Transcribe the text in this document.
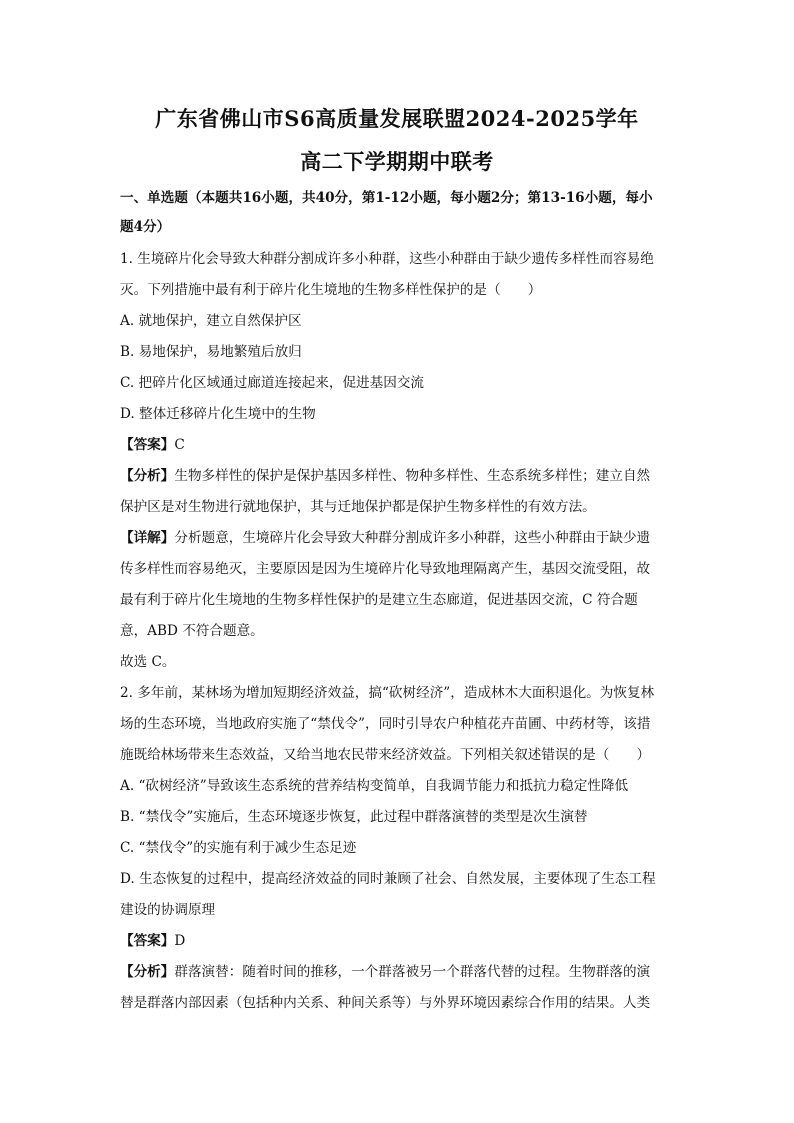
广东省佛山市S6高质量发展联盟2024-2025学年
高二下学期期中联考
一、单选题（本题共16小题，共40分，第1-12小题，每小题2分；第13-16小题，每小
题4分）
1. 生境碎片化会导致大种群分割成许多小种群，这些小种群由于缺少遗传多样性而容易绝
灭。下列措施中最有利于碎片化生境地的生物多样性保护的是（　　）
A. 就地保护，建立自然保护区
B. 易地保护，易地繁殖后放归
C. 把碎片化区域通过廊道连接起来，促进基因交流
D. 整体迁移碎片化生境中的生物
【答案】C
【分析】生物多样性的保护是保护基因多样性、物种多样性、生态系统多样性；建立自然
保护区是对生物进行就地保护，其与迁地保护都是保护生物多样性的有效方法。
【详解】分析题意，生境碎片化会导致大种群分割成许多小种群，这些小种群由于缺少遗
传多样性而容易绝灭，主要原因是因为生境碎片化导致地理隔离产生，基因交流受阻，故
最有利于碎片化生境地的生物多样性保护的是建立生态廊道，促进基因交流，C 符合题
意，ABD 不符合题意。
故选 C。
2. 多年前，某林场为增加短期经济效益，搞“砍树经济”，造成林木大面积退化。为恢复林
场的生态环境，当地政府实施了“禁伐令”，同时引导农户种植花卉苗圃、中药材等，该措
施既给林场带来生态效益，又给当地农民带来经济效益。下列相关叙述错误的是（　　）
A. “砍树经济”导致该生态系统的营养结构变简单，自我调节能力和抵抗力稳定性降低
B. “禁伐令”实施后，生态环境逐步恢复，此过程中群落演替的类型是次生演替
C. “禁伐令”的实施有利于减少生态足迹
D. 生态恢复的过程中，提高经济效益的同时兼顾了社会、自然发展，主要体现了生态工程
建设的协调原理
【答案】D
【分析】群落演替：随着时间的推移，一个群落被另一个群落代替的过程。生物群落的演
替是群落内部因素（包括种内关系、种间关系等）与外界环境因素综合作用的结果。人类
